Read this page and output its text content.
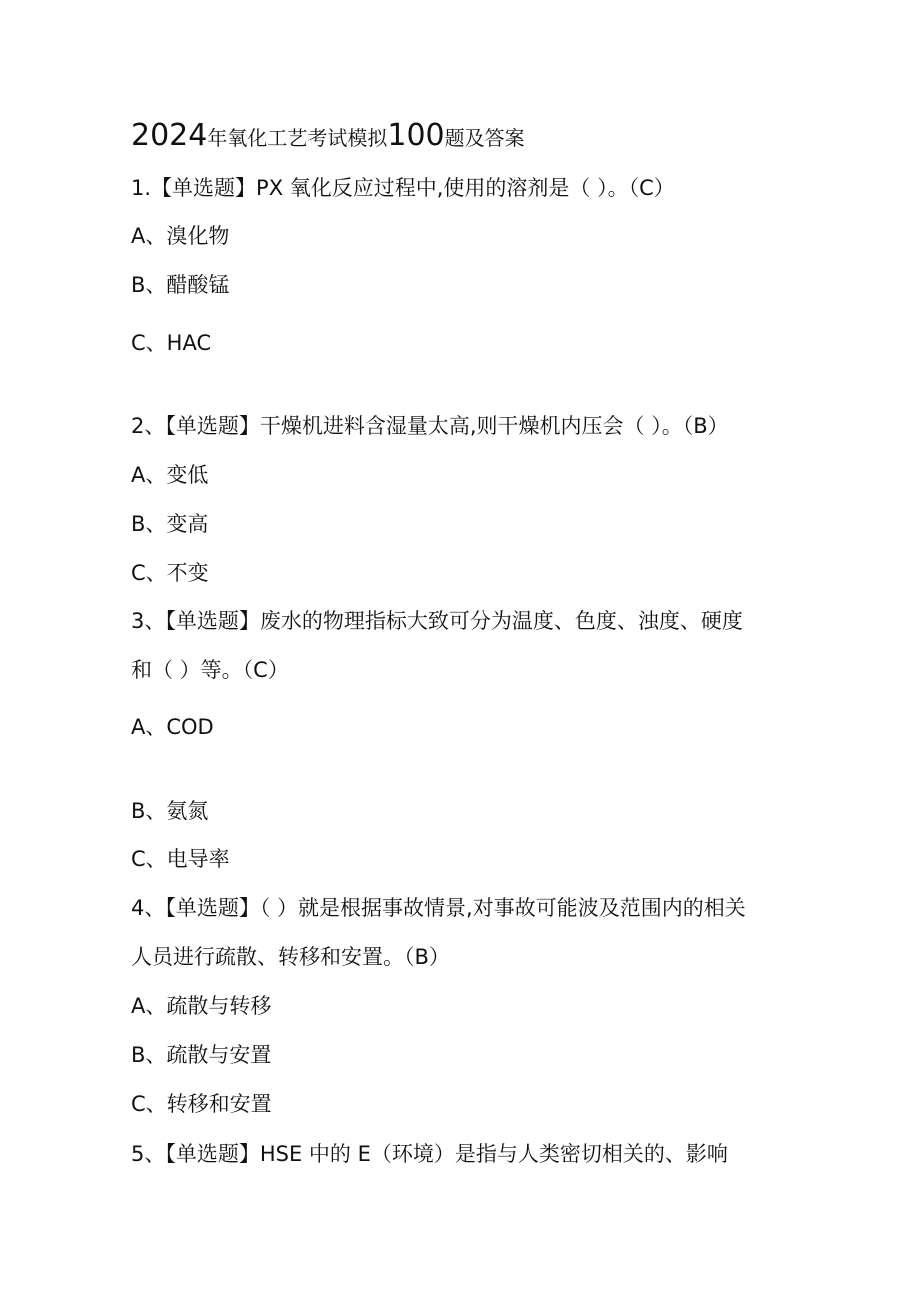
2024年氧化工艺考试模拟100题及答案
1.【单选题】PX 氧化反应过程中,使用的溶剂是（ ）。（C）
A、溴化物
B、醋酸锰
C、HAC
2、【单选题】干燥机进料含湿量太高,则干燥机内压会（ ）。（B）
A、变低
B、变高
C、不变
3、【单选题】废水的物理指标大致可分为温度、色度、浊度、硬度
和（ ）等。（C）
A、COD
B、氨氮
C、电导率
4、【单选题】（ ）就是根据事故情景,对事故可能波及范围内的相关
人员进行疏散、转移和安置。（B）
A、疏散与转移
B、疏散与安置
C、转移和安置
5、【单选题】HSE 中的 E（环境）是指与人类密切相关的、影响
